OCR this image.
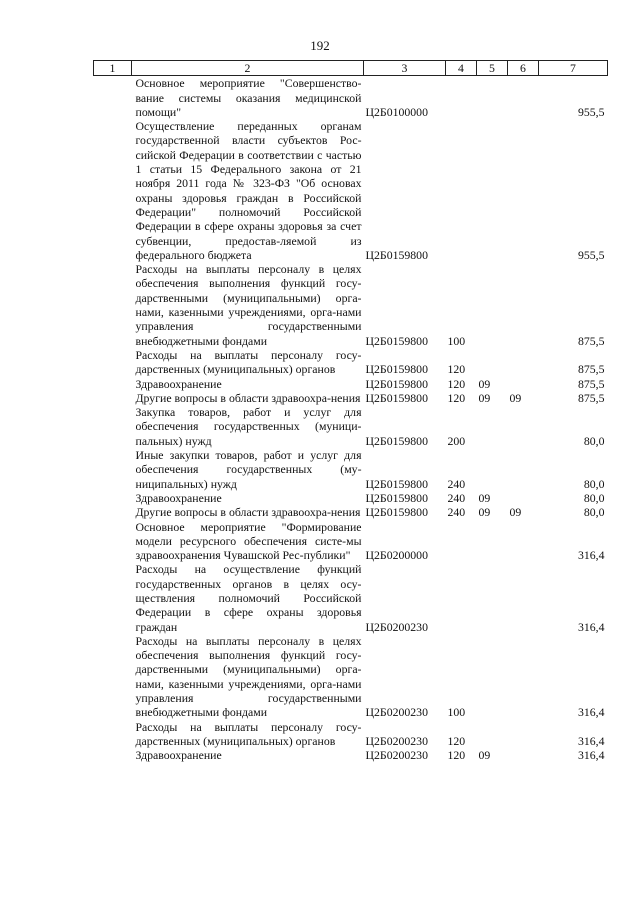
192
1	2	3	4	5	6	7
	Основное мероприятие "Совершенство-вание системы оказания медицинской помощи"	Ц2Б0100000				955,5
	Осуществление переданных органам государственной власти субъектов Рос-сийской Федерации в соответствии с частью 1 статьи 15 Федерального закона от 21 ноября 2011 года № 323-ФЗ "Об основах охраны здоровья граждан в Российской Федерации" полномочий Российской Федерации в сфере охраны здоровья за счет субвенции, предостав-ляемой из федерального бюджета	Ц2Б0159800				955,5
	Расходы на выплаты персоналу в целях обеспечения выполнения функций госу-дарственными (муниципальными) орга-нами, казенными учреждениями, орга-нами управления государственными внебюджетными фондами	Ц2Б0159800	100			875,5
	Расходы на выплаты персоналу госу-дарственных (муниципальных) органов	Ц2Б0159800	120			875,5
	Здравоохранение	Ц2Б0159800	120	09		875,5
	Другие вопросы в области здравоохра-нения	Ц2Б0159800	120	09	09	875,5
	Закупка товаров, работ и услуг для обеспечения государственных (муници-пальных) нужд	Ц2Б0159800	200			80,0
	Иные закупки товаров, работ и услуг для обеспечения государственных (му-ниципальных) нужд	Ц2Б0159800	240			80,0
	Здравоохранение	Ц2Б0159800	240	09		80,0
	Другие вопросы в области здравоохра-нения	Ц2Б0159800	240	09	09	80,0
	Основное мероприятие "Формирование модели ресурсного обеспечения систе-мы здравоохранения Чувашской Рес-публики"	Ц2Б0200000				316,4
	Расходы на осуществление функций государственных органов в целях осу-ществления полномочий Российской Федерации в сфере охраны здоровья граждан	Ц2Б0200230				316,4
	Расходы на выплаты персоналу в целях обеспечения выполнения функций госу-дарственными (муниципальными) орга-нами, казенными учреждениями, орга-нами управления государственными внебюджетными фондами	Ц2Б0200230	100			316,4
	Расходы на выплаты персоналу госу-дарственных (муниципальных) органов	Ц2Б0200230	120			316,4
	Здравоохранение	Ц2Б0200230	120	09		316,4
